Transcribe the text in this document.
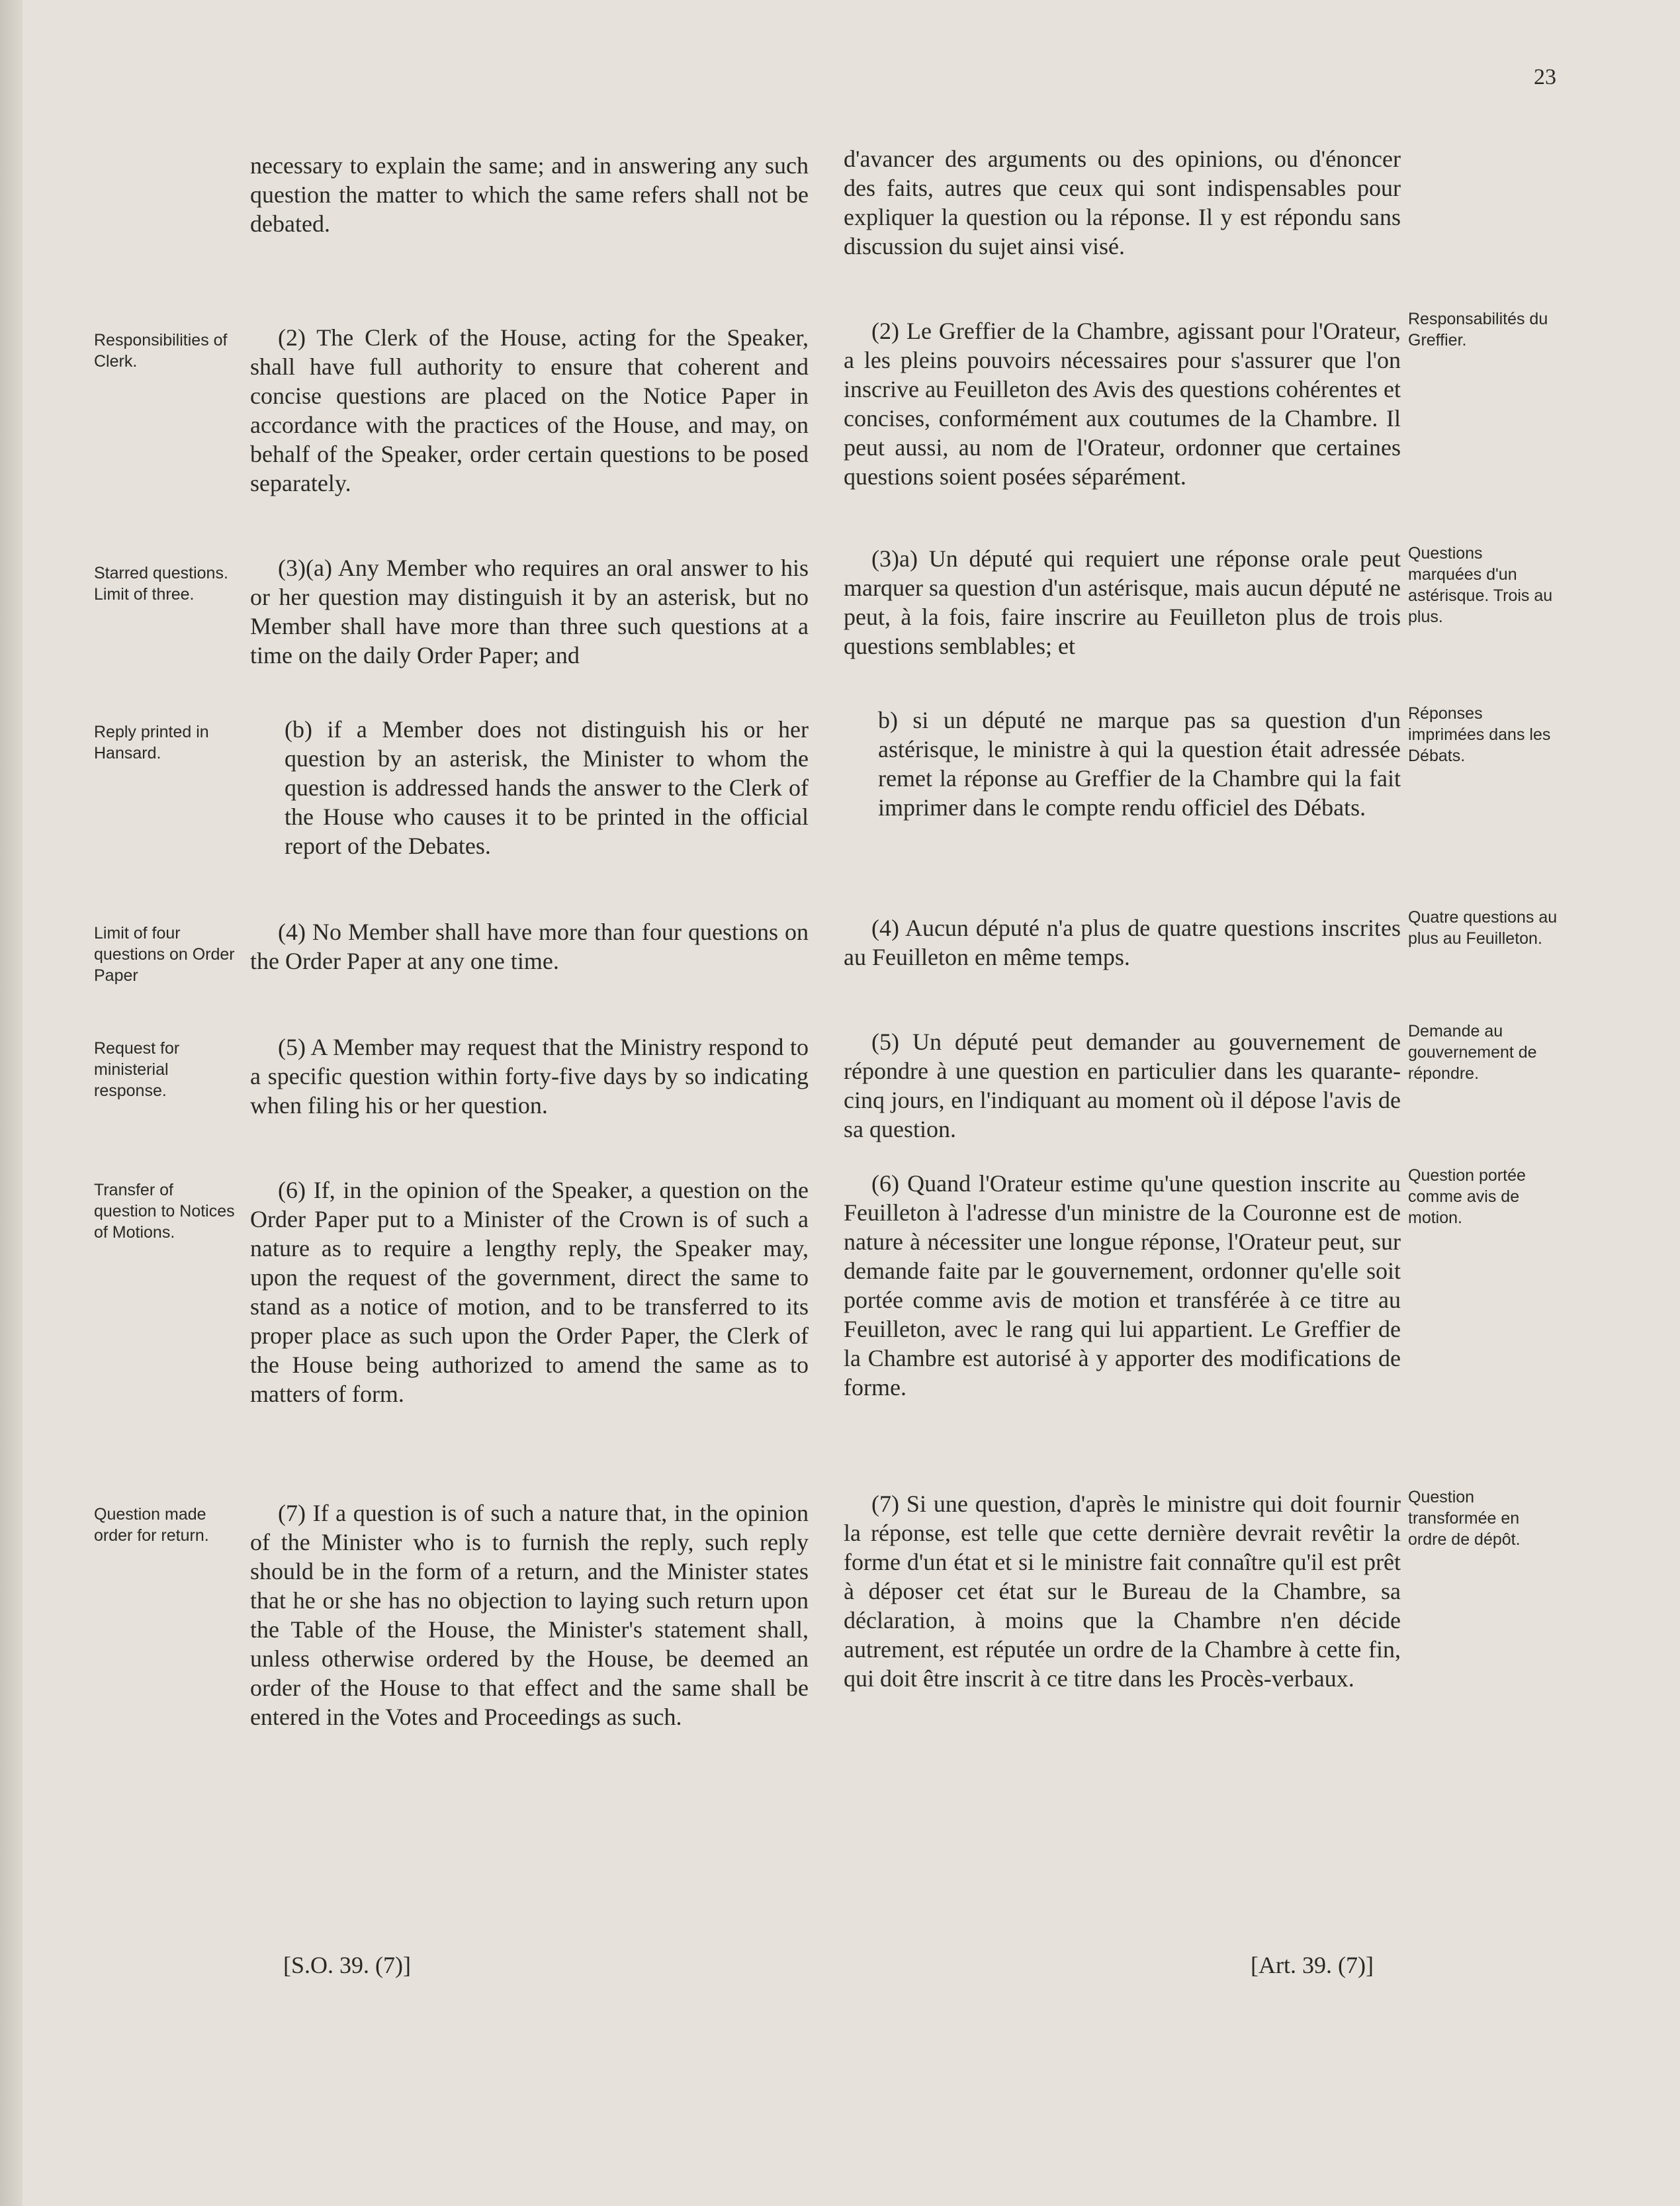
23

necessary to explain the same; and in answering any such question the matter to which the same refers shall not be debated.

(2) The Clerk of the House, acting for the Speaker, shall have full authority to ensure that coherent and concise questions are placed on the Notice Paper in accordance with the practices of the House, and may, on behalf of the Speaker, order certain questions to be posed separately.

(3)(a) Any Member who requires an oral answer to his or her question may distinguish it by an asterisk, but no Member shall have more than three such questions at a time on the daily Order Paper; and

(b) if a Member does not distinguish his or her question by an asterisk, the Minister to whom the question is addressed hands the answer to the Clerk of the House who causes it to be printed in the official report of the Debates.

(4) No Member shall have more than four questions on the Order Paper at any one time.

(5) A Member may request that the Ministry respond to a specific question within forty-five days by so indicating when filing his or her question.

(6) If, in the opinion of the Speaker, a question on the Order Paper put to a Minister of the Crown is of such a nature as to require a lengthy reply, the Speaker may, upon the request of the government, direct the same to stand as a notice of motion, and to be transferred to its proper place as such upon the Order Paper, the Clerk of the House being authorized to amend the same as to matters of form.

(7) If a question is of such a nature that, in the opinion of the Minister who is to furnish the reply, such reply should be in the form of a return, and the Minister states that he or she has no objection to laying such return upon the Table of the House, the Minister's statement shall, unless otherwise ordered by the House, be deemed an order of the House to that effect and the same shall be entered in the Votes and Proceedings as such.

d'avancer des arguments ou des opinions, ou d'énoncer des faits, autres que ceux qui sont indispensables pour expliquer la question ou la réponse. Il y est répondu sans discussion du sujet ainsi visé.

(2) Le Greffier de la Chambre, agissant pour l'Orateur, a les pleins pouvoirs nécessaires pour s'assurer que l'on inscrive au Feuilleton des Avis des questions cohérentes et concises, conformément aux coutumes de la Chambre. Il peut aussi, au nom de l'Orateur, ordonner que certaines questions soient posées séparément.

(3)a) Un député qui requiert une réponse orale peut marquer sa question d'un astérisque, mais aucun député ne peut, à la fois, faire inscrire au Feuilleton plus de trois questions semblables; et

b) si un député ne marque pas sa question d'un astérisque, le ministre à qui la question était adressée remet la réponse au Greffier de la Chambre qui la fait imprimer dans le compte rendu officiel des Débats.

(4) Aucun député n'a plus de quatre questions inscrites au Feuilleton en même temps.

(5) Un député peut demander au gouvernement de répondre à une question en particulier dans les quarante-cinq jours, en l'indiquant au moment où il dépose l'avis de sa question.

(6) Quand l'Orateur estime qu'une question inscrite au Feuilleton à l'adresse d'un ministre de la Couronne est de nature à nécessiter une longue réponse, l'Orateur peut, sur demande faite par le gouvernement, ordonner qu'elle soit portée comme avis de motion et transférée à ce titre au Feuilleton, avec le rang qui lui appartient. Le Greffier de la Chambre est autorisé à y apporter des modifications de forme.

(7) Si une question, d'après le ministre qui doit fournir la réponse, est telle que cette dernière devrait revêtir la forme d'un état et si le ministre fait connaître qu'il est prêt à déposer cet état sur le Bureau de la Chambre, sa déclaration, à moins que la Chambre n'en décide autrement, est réputée un ordre de la Chambre à cette fin, qui doit être inscrit à ce titre dans les Procès-verbaux.

Responsibilities of Clerk.
Starred questions. Limit of three.
Reply printed in Hansard.
Limit of four questions on Order Paper
Request for ministerial response.
Transfer of question to Notices of Motions.
Question made order for return.
Responsabilités du Greffier.
Questions marquées d'un astérisque. Trois au plus.
Réponses imprimées dans les Débats.
Quatre questions au plus au Feuilleton.
Demande au gouvernement de répondre.
Question portée comme avis de motion.
Question transformée en ordre de dépôt.
[S.O. 39. (7)]	[Art. 39. (7)]
